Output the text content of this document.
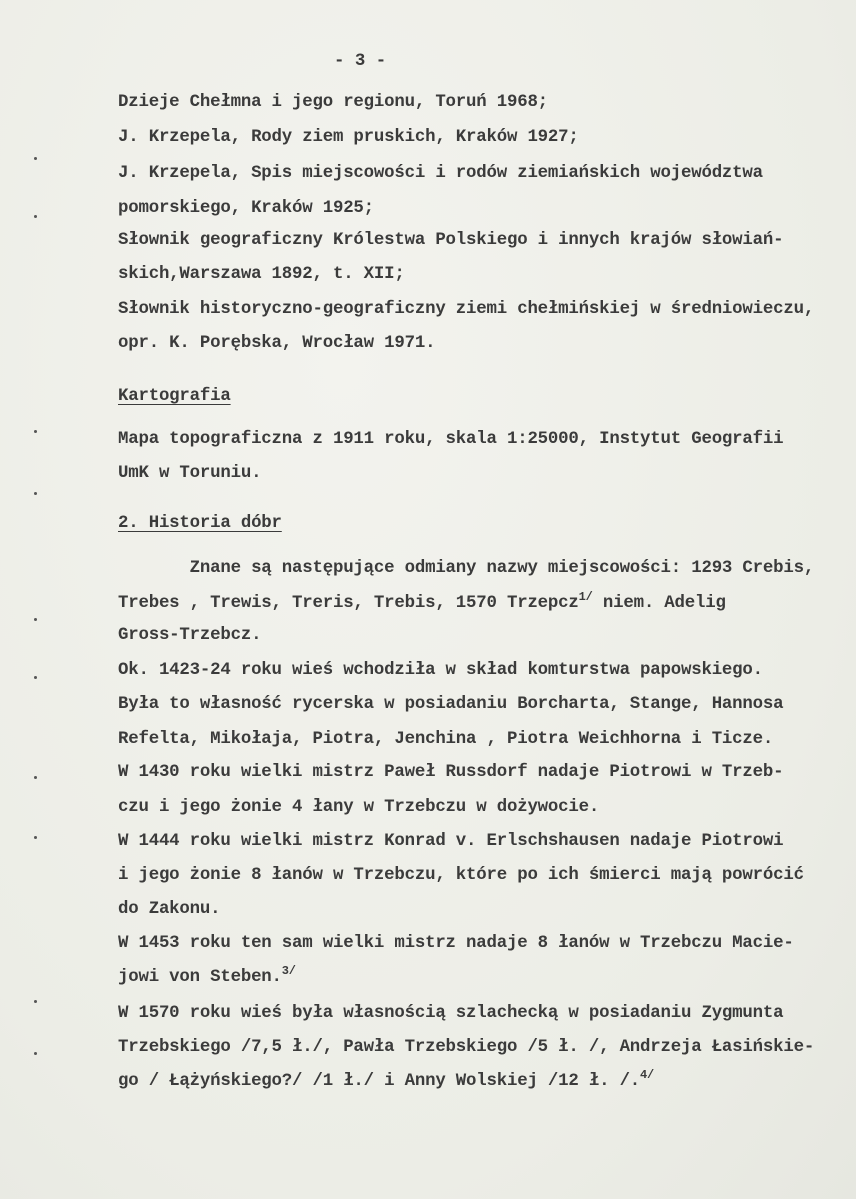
- 3 -
Dzieje Chełmna i jego regionu, Toruń 1968;
J. Krzepela, Rody ziem pruskich, Kraków 1927;
J. Krzepela, Spis miejscowości i rodów ziemiańskich województwa
pomorskiego, Kraków 1925;
Słownik geograficzny Królestwa Polskiego i innych krajów słowiań-
skich,Warszawa 1892, t. XII;
Słownik historyczno-geograficzny ziemi chełmińskiej w średniowieczu,
opr. K. Porębska, Wrocław 1971.
Kartografia
Mapa topograficzna z 1911 roku, skala 1:25000, Instytut Geografii
UmK w Toruniu.
2. Historia dóbr
Znane są następujące odmiany nazwy miejscowości: 1293 Crebis,
Trebes , Trewis, Treris, Trebis, 1570 Trzepcz$^{1/}$ niem. Adelig
Gross-Trzebcz.
Ok. 1423-24 roku wieś wchodziła w skład komturstwa papowskiego.
Była to własność rycerska w posiadaniu Borcharta, Stange, Hannosa
Refelta, Mikołaja, Piotra, Jenchina , Piotra Weichhorna i Ticze.
W 1430 roku wielki mistrz Paweł Russdorf nadaje Piotrowi w Trzeb-
czu i jego żonie 4 łany w Trzebczu w dożywocie.
W 1444 roku wielki mistrz Konrad v. Erlschshausen nadaje Piotrowi
i jego żonie 8 łanów w Trzebczu, które po ich śmierci mają powrócić
do Zakonu.
W 1453 roku ten sam wielki mistrz nadaje 8 łanów w Trzebczu Macie-
jowi von Steben.$^{3/}$
W 1570 roku wieś była własnością szlachecką w posiadaniu Zygmunta
Trzebskiego /7,5 ł./, Pawła Trzebskiego /5 ł. /, Andrzeja Łasińskie-
go / Łążyńskiego?/ /1 ł./ i Anny Wolskiej /12 ł. /.$^{4/}$
